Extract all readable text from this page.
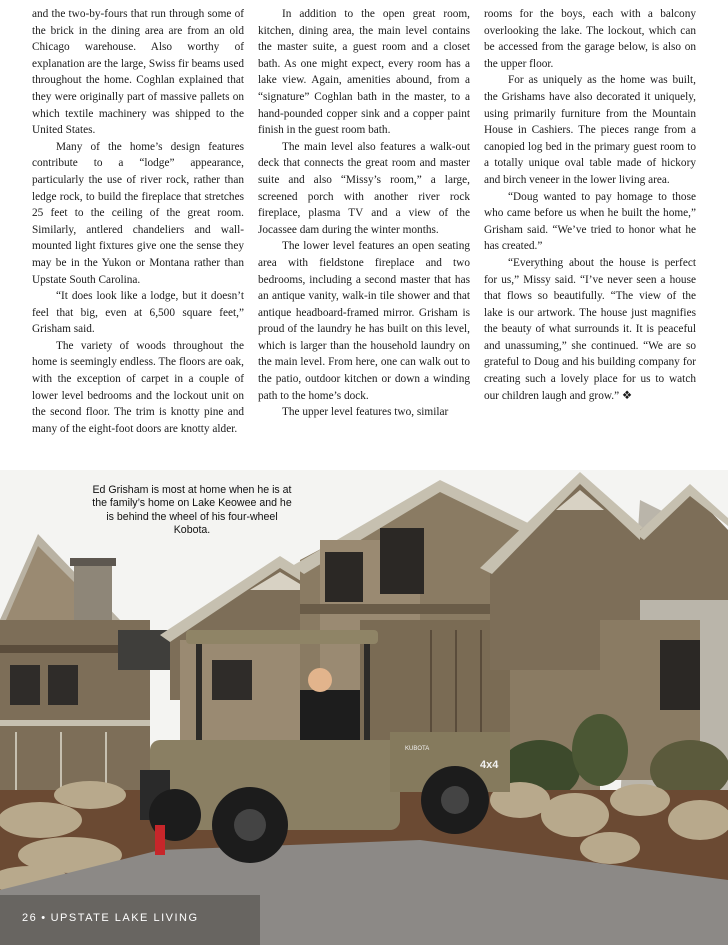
and the two-by-fours that run through some of the brick in the dining area are from an old Chicago warehouse. Also worthy of explanation are the large, Swiss fir beams used throughout the home. Coghlan explained that they were originally part of massive pallets on which textile machinery was shipped to the United States.

Many of the home’s design features contribute to a “lodge” appearance, particularly the use of river rock, rather than ledge rock, to build the fireplace that stretches 25 feet to the ceiling of the great room. Similarly, antlered chandeliers and wall-mounted light fixtures give one the sense they may be in the Yukon or Montana rather than Upstate South Carolina.

“It does look like a lodge, but it doesn’t feel that big, even at 6,500 square feet,” Grisham said.

The variety of woods throughout the home is seemingly endless. The floors are oak, with the exception of carpet in a couple of lower level bedrooms and the lockout unit on the second floor. The trim is knotty pine and many of the eight-foot doors are knotty alder.

In addition to the open great room, kitchen, dining area, the main level contains the master suite, a guest room and a closet bath. As one might expect, every room has a lake view. Again, amenities abound, from a “signature” Coghlan bath in the master, to a hand-pounded copper sink and a copper paint finish in the guest room bath.

The main level also features a walk-out deck that connects the great room and master suite and also “Missy’s room,” a large, screened porch with another river rock fireplace, plasma TV and a view of the Jocassee dam during the winter months.

The lower level features an open seating area with fieldstone fireplace and two bedrooms, including a second master that has an antique vanity, walk-in tile shower and that antique headboard-framed mirror. Grisham is proud of the laundry he has built on this level, which is larger than the household laundry on the main level. From here, one can walk out to the patio, outdoor kitchen or down a winding path to the home’s dock.

The upper level features two, similar

rooms for the boys, each with a balcony overlooking the lake. The lockout, which can be accessed from the garage below, is also on the upper floor.

For as uniquely as the home was built, the Grishams have also decorated it uniquely, using primarily furniture from the Mountain House in Cashiers. The pieces range from a canopied log bed in the primary guest room to a totally unique oval table made of hickory and birch veneer in the lower living area.

“Doug wanted to pay homage to those who came before us when he built the home,” Grisham said. “We’ve tried to honor what he has created.”

“Everything about the house is perfect for us,” Missy said. “I’ve never seen a house that flows so beautifully. “The view of the lake is our artwork. The house just magnifies the beauty of what surrounds it. It is peaceful and unassuming,” she continued. “We are so grateful to Doug and his building company for creating such a lovely place for us to watch our children laugh and grow.” ❖

4x4
KUBOTA
Ed Grisham is most at home when he is at the family’s home on Lake Keowee and he is behind the wheel of his four-wheel Kobota.
26 • UPSTATE LAKE LIVING
